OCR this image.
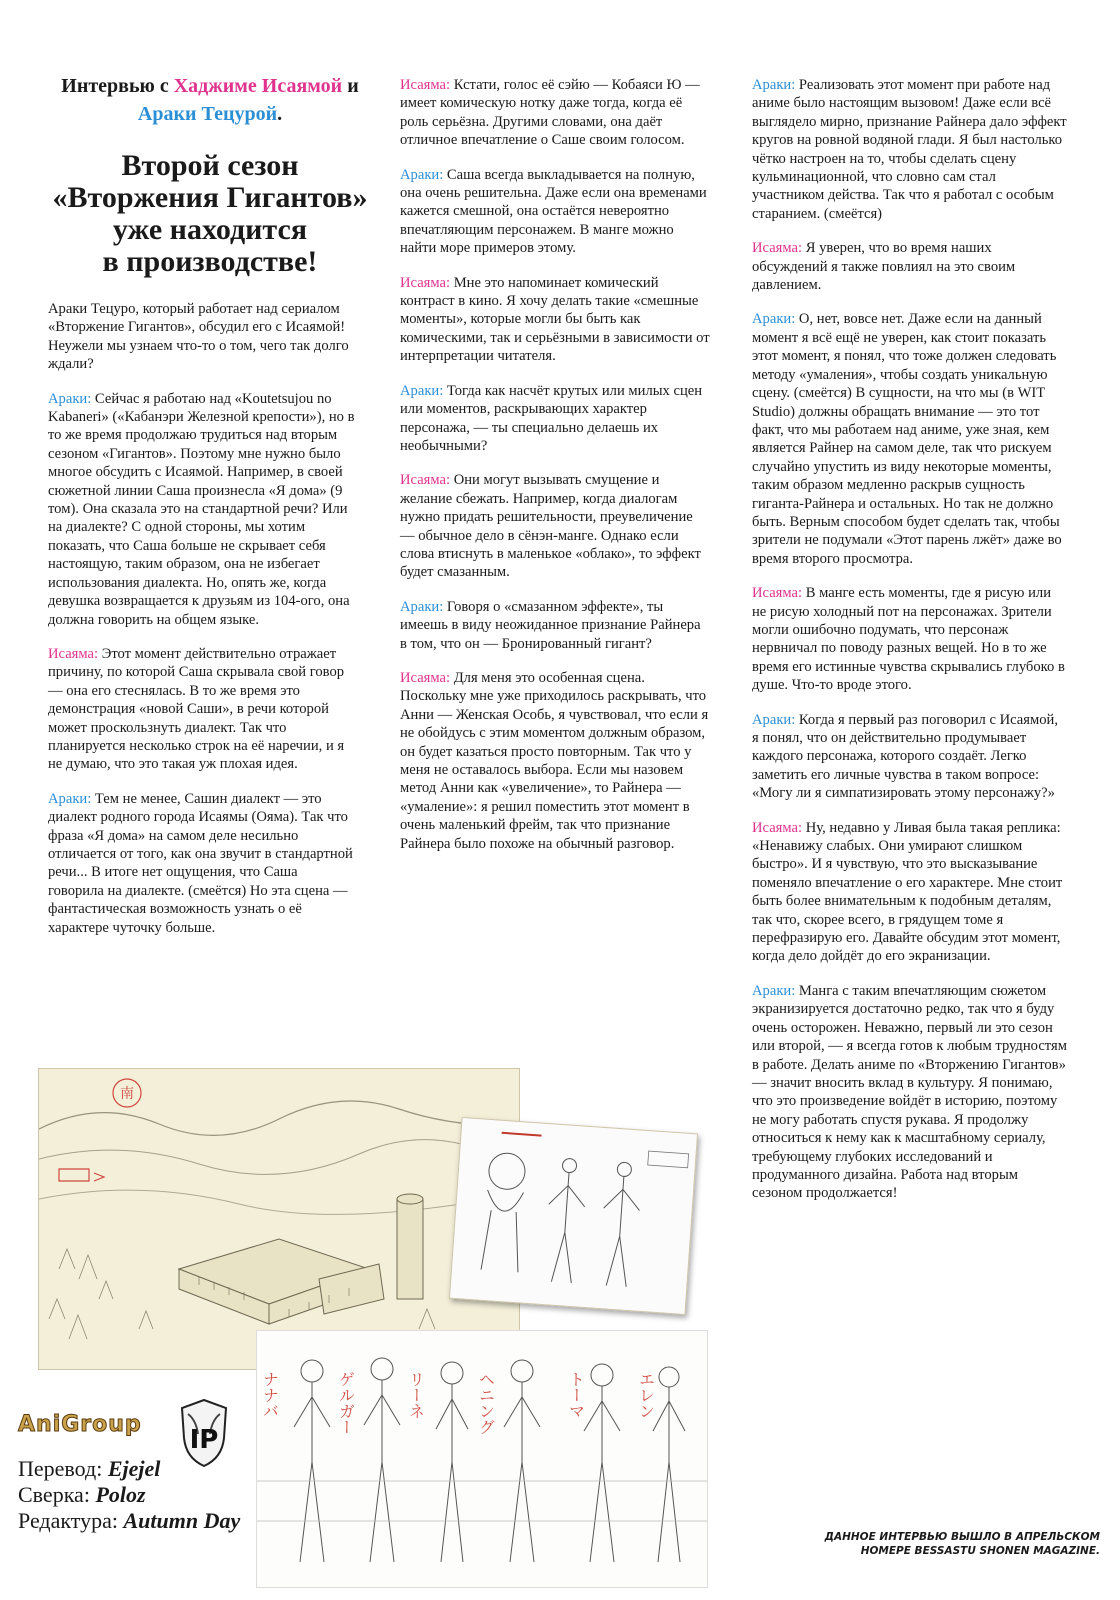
Интервью с Хаджиме Исаямой и Араки Тецурой.
Второй сезон
«Вторжения Гигантов»
уже находится
в производстве!

Араки Тецуро, который работает над сериалом «Вторжение Гигантов», обсудил его с Исаямой! Неужели мы узнаем что-то о том, чего так долго ждали?

Араки: Сейчас я работаю над «Koutetsujou no Kabaneri» («Кабанэри Железной крепости»), но в то же время продолжаю трудиться над вторым сезоном «Гигантов». Поэтому мне нужно было многое обсудить с Исаямой. Например, в своей сюжетной линии Саша произнесла «Я дома» (9 том). Она сказала это на стандартной речи? Или на диалекте? С одной стороны, мы хотим показать, что Саша больше не скрывает себя настоящую, таким образом, она не избегает использования диалекта. Но, опять же, когда девушка возвращается к друзьям из 104-ого, она должна говорить на общем языке.

Исаяма: Этот момент действительно отражает причину, по которой Саша скрывала свой говор — она его стеснялась. В то же время это демонстрация «новой Саши», в речи которой может проскользнуть диалект. Так что планируется несколько строк на её наречии, и я не думаю, что это такая уж плохая идея.

Араки: Тем не менее, Сашин диалект — это диалект родного города Исаямы (Ояма). Так что фраза «Я дома» на самом деле несильно отличается от того, как она звучит в стандартной речи... В итоге нет ощущения, что Саша говорила на диалекте. (смеётся) Но эта сцена — фантастическая возможность узнать о её характере чуточку больше.

Исаяма: Кстати, голос её сэйю — Кобаяси Ю — имеет комическую нотку даже тогда, когда её роль серьёзна. Другими словами, она даёт отличное впечатление о Саше своим голосом.

Араки: Саша всегда выкладывается на полную, она очень решительна. Даже если она временами кажется смешной, она остаётся невероятно впечатляющим персонажем. В манге можно найти море примеров этому.

Исаяма: Мне это напоминает комический контраст в кино. Я хочу делать такие «смешные моменты», которые могли бы быть как комическими, так и серьёзными в зависимости от интерпретации читателя.

Араки: Тогда как насчёт крутых или милых сцен или моментов, раскрывающих характер персонажа, — ты специально делаешь их необычными?

Исаяма: Они могут вызывать смущение и желание сбежать. Например, когда диалогам нужно придать решительности, преувеличение — обычное дело в сёнэн-манге. Однако если слова втиснуть в маленькое «облако», то эффект будет смазанным.

Араки: Говоря о «смазанном эффекте», ты имеешь в виду неожиданное признание Райнера в том, что он — Бронированный гигант?

Исаяма: Для меня это особенная сцена. Поскольку мне уже приходилось раскрывать, что Анни — Женская Особь, я чувствовал, что если я не обойдусь с этим моментом должным образом, он будет казаться просто повторным. Так что у меня не оставалось выбора. Если мы назовем метод Анни как «увеличение», то Райнера — «умаление»: я решил поместить этот момент в очень маленький фрейм, так что признание Райнера было похоже на обычный разговор.

Араки: Реализовать этот момент при работе над аниме было настоящим вызовом! Даже если всё выглядело мирно, признание Райнера дало эффект кругов на ровной водяной глади. Я был настолько чётко настроен на то, чтобы сделать сцену кульминационной, что словно сам стал участником действа. Так что я работал с особым старанием. (смеётся)

Исаяма: Я уверен, что во время наших обсуждений я также повлиял на это своим давлением.

Араки: О, нет, вовсе нет. Даже если на данный момент я всё ещё не уверен, как стоит показать этот момент, я понял, что тоже должен следовать методу «умаления», чтобы создать уникальную сцену. (смеётся) В сущности, на что мы (в WIT Studio) должны обращать внимание — это тот факт, что мы работаем над аниме, уже зная, кем является Райнер на самом деле, так что рискуем случайно упустить из виду некоторые моменты, таким образом медленно раскрыв сущность гиганта-Райнера и остальных. Но так не должно быть. Верным способом будет сделать так, чтобы зрители не подумали «Этот парень лжёт» даже во время второго просмотра.

Исаяма: В манге есть моменты, где я рисую или не рисую холодный пот на персонажах. Зрители могли ошибочно подумать, что персонаж нервничал по поводу разных вещей. Но в то же время его истинные чувства скрывались глубоко в душе. Что-то вроде этого.

Араки: Когда я первый раз поговорил с Исаямой, я понял, что он действительно продумывает каждого персонажа, которого создаёт. Легко заметить его личные чувства в таком вопросе: «Могу ли я симпатизировать этому персонажу?»

Исаяма: Ну, недавно у Ливая была такая реплика: «Ненавижу слабых. Они умирают слишком быстро». И я чувствую, что это высказывание поменяло впечатление о его характере. Мне стоит быть более внимательным к подобным деталям, так что, скорее всего, в грядущем томе я перефразирую его. Давайте обсудим этот момент, когда дело дойдёт до его экранизации.

Араки: Манга с таким впечатляющим сюжетом экранизируется достаточно редко, так что я буду очень осторожен. Неважно, первый ли это сезон или второй, — я всегда готов к любым трудностям в работе. Делать аниме по «Вторжению Гигантов» — значит вносить вклад в культуру. Я понимаю, что это произведение войдёт в историю, поэтому не могу работать спустя рукава. Я продолжу относиться к нему как к масштабному сериалу, требующему глубоких исследований и продуманного дизайна. Работа над вторым сезоном продолжается!

南
ナナバ	ゲルガー	リーネ	ヘニング	トーマ	エレン
AniGroup
IP
Перевод: Ejejel
Сверка: Poloz
Редактура: Autumn Day
ДАННОЕ ИНТЕРВЬЮ ВЫШЛО В АПРЕЛЬСКОМ НОМЕРЕ BESSASTU SHONEN MAGAZINE.
